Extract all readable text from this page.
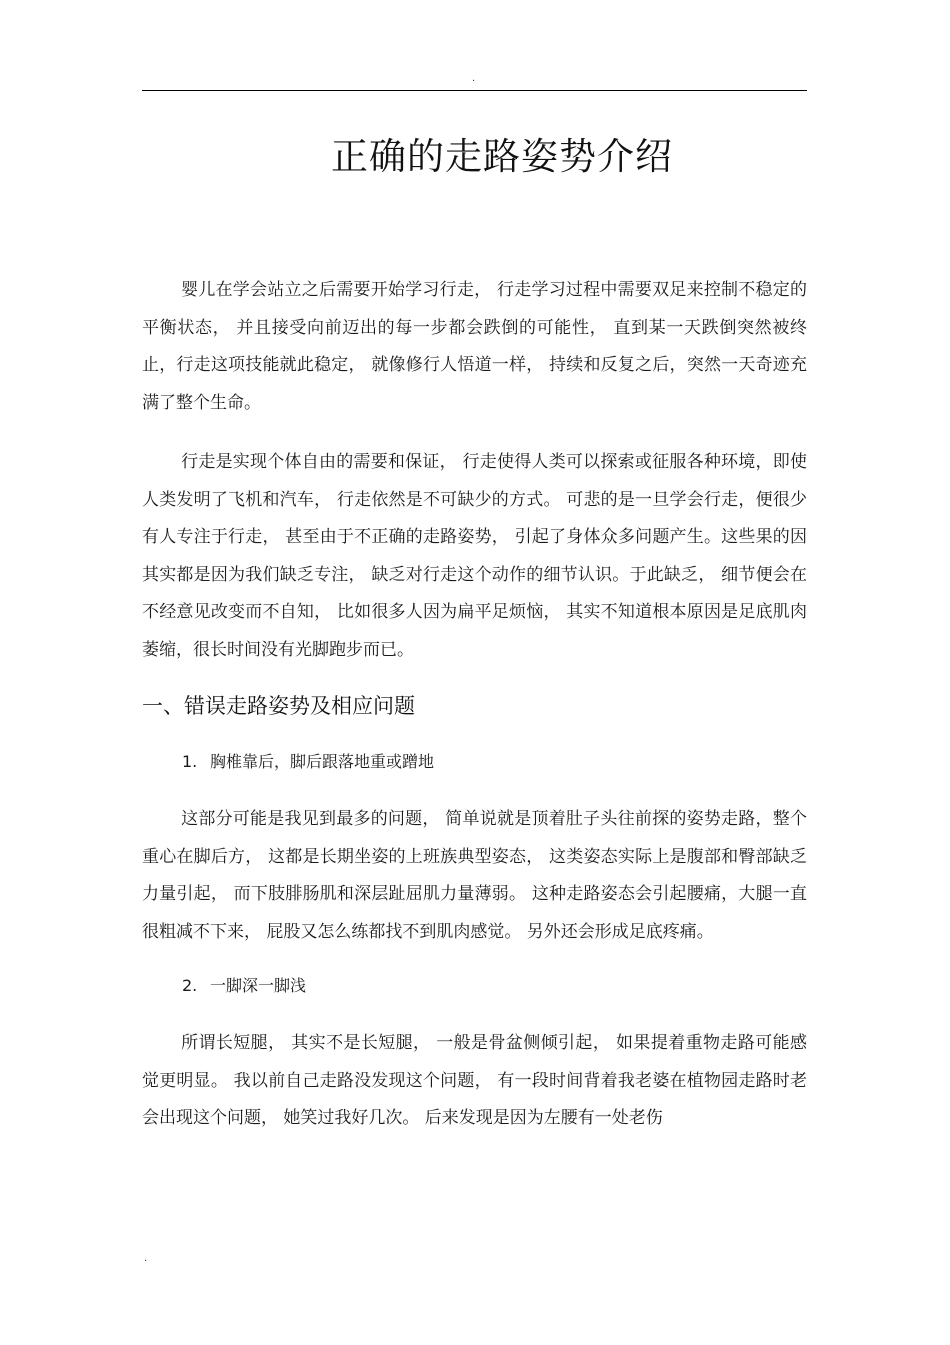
.
正确的走路姿势介绍

婴儿在学会站立之后需要开始学习行走， 行走学习过程中需要双足来控制不稳定的平衡状态， 并且接受向前迈出的每一步都会跌倒的可能性， 直到某一天跌倒突然被终止，行走这项技能就此稳定， 就像修行人悟道一样， 持续和反复之后，突然一天奇迹充满了整个生命。

行走是实现个体自由的需要和保证， 行走使得人类可以探索或征服各种环境，即使人类发明了飞机和汽车， 行走依然是不可缺少的方式。 可悲的是一旦学会行走，便很少有人专注于行走， 甚至由于不正确的走路姿势， 引起了身体众多问题产生。这些果的因其实都是因为我们缺乏专注， 缺乏对行走这个动作的细节认识。于此缺乏， 细节便会在不经意见改变而不自知， 比如很多人因为扁平足烦恼， 其实不知道根本原因是足底肌肉萎缩，很长时间没有光脚跑步而已。

一、错误走路姿势及相应问题
1. 胸椎靠后，脚后跟落地重或蹭地

这部分可能是我见到最多的问题， 简单说就是顶着肚子头往前探的姿势走路，整个重心在脚后方， 这都是长期坐姿的上班族典型姿态， 这类姿态实际上是腹部和臀部缺乏力量引起， 而下肢腓肠肌和深层趾屈肌力量薄弱。 这种走路姿态会引起腰痛，大腿一直很粗减不下来， 屁股又怎么练都找不到肌肉感觉。 另外还会形成足底疼痛。

2. 一脚深一脚浅

所谓长短腿， 其实不是长短腿， 一般是骨盆侧倾引起， 如果提着重物走路可能感觉更明显。 我以前自己走路没发现这个问题， 有一段时间背着我老婆在植物园走路时老会出现这个问题， 她笑过我好几次。 后来发现是因为左腰有一处老伤

.
